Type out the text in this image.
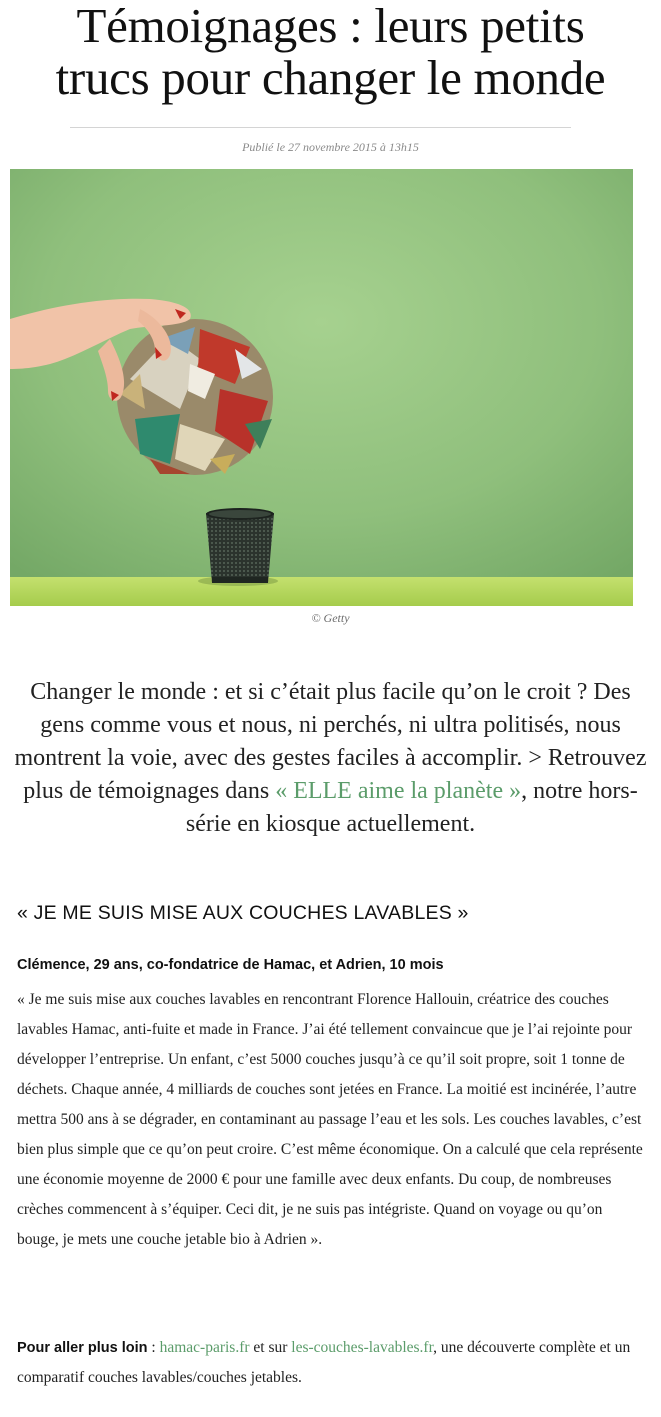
Témoignages : leurs petits
trucs pour changer le monde
Publié le 27 novembre 2015 à 13h15
© Getty

Changer le monde : et si c’était plus facile qu’on le croit ? Des gens comme vous et nous, ni perchés, ni ultra politisés, nous montrent la voie, avec des gestes faciles à accomplir. > Retrouvez plus de témoignages dans « ELLE aime la planète », notre hors-série en kiosque actuellement.

« JE ME SUIS MISE AUX COUCHES LAVABLES »

Clémence, 29 ans, co-fondatrice de Hamac, et Adrien, 10 mois

« Je me suis mise aux couches lavables en rencontrant Florence Hallouin, créatrice des couches lavables Hamac, anti-fuite et made in France. J’ai été tellement convaincue que je l’ai rejointe pour développer l’entreprise. Un enfant, c’est 5000 couches jusqu’à ce qu’il soit propre, soit 1 tonne de déchets. Chaque année, 4 milliards de couches sont jetées en France. La moitié est incinérée, l’autre mettra 500 ans à se dégrader, en contaminant au passage l’eau et les sols. Les couches lavables, c’est bien plus simple que ce qu’on peut croire. C’est même économique. On a calculé que cela représente une économie moyenne de 2000 € pour une famille avec deux enfants. Du coup, de nombreuses crèches commencent à s’équiper. Ceci dit, je ne suis pas intégriste. Quand on voyage ou qu’on bouge, je mets une couche jetable bio à Adrien ».

Pour aller plus loin : hamac-paris.fr et sur les-couches-lavables.fr, une découverte complète et un comparatif couches lavables/couches jetables.
